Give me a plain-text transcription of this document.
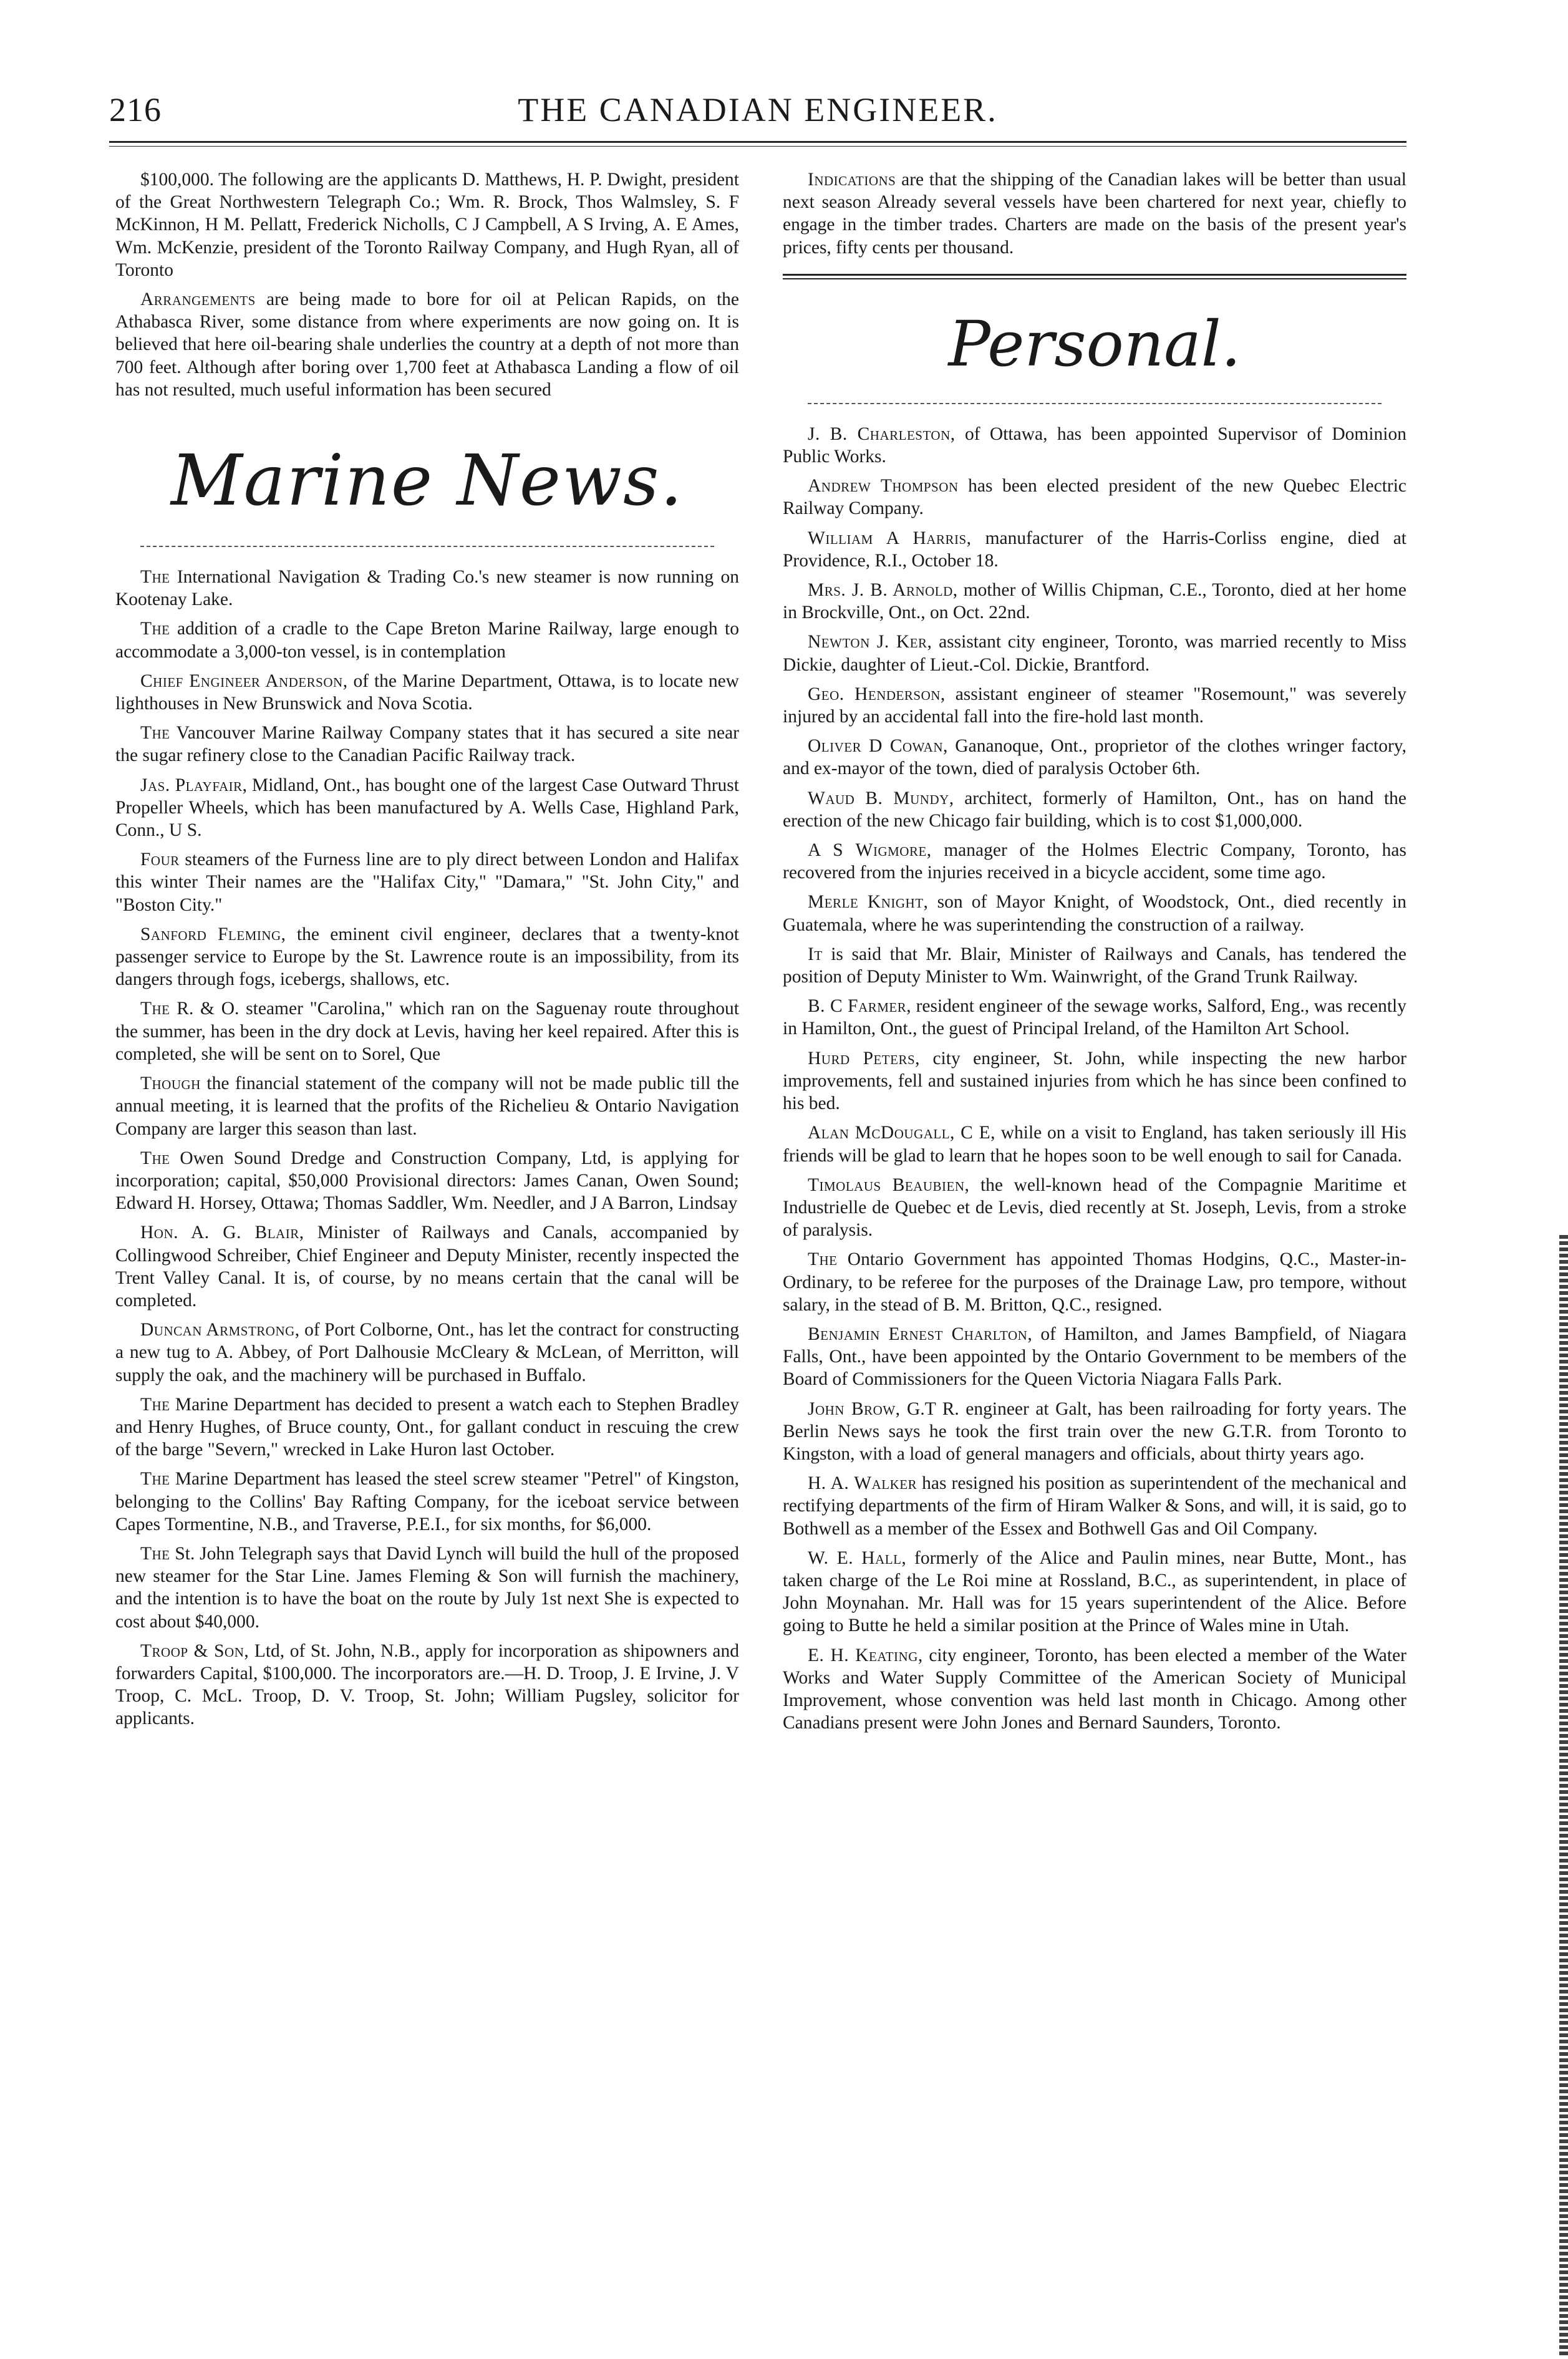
216	THE CANADIAN ENGINEER.

$100,000. The following are the applicants D. Matthews, H. P. Dwight, president of the Great Northwestern Telegraph Co.; Wm. R. Brock, Thos Walmsley, S. F McKinnon, H M. Pellatt, Frederick Nicholls, C J Campbell, A S Irving, A. E Ames, Wm. McKenzie, president of the Toronto Railway Company, and Hugh Ryan, all of Toronto

Arrangements are being made to bore for oil at Pelican Rapids, on the Athabasca River, some distance from where experiments are now going on. It is believed that here oil-bearing shale underlies the country at a depth of not more than 700 feet. Although after boring over 1,700 feet at Athabasca Landing a flow of oil has not resulted, much useful information has been secured

Marine News.

The International Navigation & Trading Co.'s new steamer is now running on Kootenay Lake.

The addition of a cradle to the Cape Breton Marine Railway, large enough to accommodate a 3,000-ton vessel, is in contemplation

Chief Engineer Anderson, of the Marine Department, Ottawa, is to locate new lighthouses in New Brunswick and Nova Scotia.

The Vancouver Marine Railway Company states that it has secured a site near the sugar refinery close to the Canadian Pacific Railway track.

Jas. Playfair, Midland, Ont., has bought one of the largest Case Outward Thrust Propeller Wheels, which has been manufactured by A. Wells Case, Highland Park, Conn., U S.

Four steamers of the Furness line are to ply direct between London and Halifax this winter Their names are the "Halifax City," "Damara," "St. John City," and "Boston City."

Sanford Fleming, the eminent civil engineer, declares that a twenty-knot passenger service to Europe by the St. Lawrence route is an impossibility, from its dangers through fogs, icebergs, shallows, etc.

The R. & O. steamer "Carolina," which ran on the Saguenay route throughout the summer, has been in the dry dock at Levis, having her keel repaired. After this is completed, she will be sent on to Sorel, Que

Though the financial statement of the company will not be made public till the annual meeting, it is learned that the profits of the Richelieu & Ontario Navigation Company are larger this season than last.

The Owen Sound Dredge and Construction Company, Ltd, is applying for incorporation; capital, $50,000 Provisional directors: James Canan, Owen Sound; Edward H. Horsey, Ottawa; Thomas Saddler, Wm. Needler, and J A Barron, Lindsay

Hon. A. G. Blair, Minister of Railways and Canals, accompanied by Collingwood Schreiber, Chief Engineer and Deputy Minister, recently inspected the Trent Valley Canal. It is, of course, by no means certain that the canal will be completed.

Duncan Armstrong, of Port Colborne, Ont., has let the contract for constructing a new tug to A. Abbey, of Port Dalhousie McCleary & McLean, of Merritton, will supply the oak, and the machinery will be purchased in Buffalo.

The Marine Department has decided to present a watch each to Stephen Bradley and Henry Hughes, of Bruce county, Ont., for gallant conduct in rescuing the crew of the barge "Severn," wrecked in Lake Huron last October.

The Marine Department has leased the steel screw steamer "Petrel" of Kingston, belonging to the Collins' Bay Rafting Company, for the iceboat service between Capes Tormentine, N.B., and Traverse, P.E.I., for six months, for $6,000.

The St. John Telegraph says that David Lynch will build the hull of the proposed new steamer for the Star Line. James Fleming & Son will furnish the machinery, and the intention is to have the boat on the route by July 1st next She is expected to cost about $40,000.

Troop & Son, Ltd, of St. John, N.B., apply for incorporation as shipowners and forwarders Capital, $100,000. The incorporators are.—H. D. Troop, J. E Irvine, J. V Troop, C. McL. Troop, D. V. Troop, St. John; William Pugsley, solicitor for applicants.

Indications are that the shipping of the Canadian lakes will be better than usual next season Already several vessels have been chartered for next year, chiefly to engage in the timber trades. Charters are made on the basis of the present year's prices, fifty cents per thousand.

Personal.

J. B. Charleston, of Ottawa, has been appointed Supervisor of Dominion Public Works.

Andrew Thompson has been elected president of the new Quebec Electric Railway Company.

William A Harris, manufacturer of the Harris-Corliss engine, died at Providence, R.I., October 18.

Mrs. J. B. Arnold, mother of Willis Chipman, C.E., Toronto, died at her home in Brockville, Ont., on Oct. 22nd.

Newton J. Ker, assistant city engineer, Toronto, was married recently to Miss Dickie, daughter of Lieut.-Col. Dickie, Brantford.

Geo. Henderson, assistant engineer of steamer "Rosemount," was severely injured by an accidental fall into the fire-hold last month.

Oliver D Cowan, Gananoque, Ont., proprietor of the clothes wringer factory, and ex-mayor of the town, died of paralysis October 6th.

Waud B. Mundy, architect, formerly of Hamilton, Ont., has on hand the erection of the new Chicago fair building, which is to cost $1,000,000.

A S Wigmore, manager of the Holmes Electric Company, Toronto, has recovered from the injuries received in a bicycle accident, some time ago.

Merle Knight, son of Mayor Knight, of Woodstock, Ont., died recently in Guatemala, where he was superintending the construction of a railway.

It is said that Mr. Blair, Minister of Railways and Canals, has tendered the position of Deputy Minister to Wm. Wainwright, of the Grand Trunk Railway.

B. C Farmer, resident engineer of the sewage works, Salford, Eng., was recently in Hamilton, Ont., the guest of Principal Ireland, of the Hamilton Art School.

Hurd Peters, city engineer, St. John, while inspecting the new harbor improvements, fell and sustained injuries from which he has since been confined to his bed.

Alan McDougall, C E, while on a visit to England, has taken seriously ill His friends will be glad to learn that he hopes soon to be well enough to sail for Canada.

Timolaus Beaubien, the well-known head of the Compagnie Maritime et Industrielle de Quebec et de Levis, died recently at St. Joseph, Levis, from a stroke of paralysis.

The Ontario Government has appointed Thomas Hodgins, Q.C., Master-in-Ordinary, to be referee for the purposes of the Drainage Law, pro tempore, without salary, in the stead of B. M. Britton, Q.C., resigned.

Benjamin Ernest Charlton, of Hamilton, and James Bampfield, of Niagara Falls, Ont., have been appointed by the Ontario Government to be members of the Board of Commissioners for the Queen Victoria Niagara Falls Park.

John Brow, G.T R. engineer at Galt, has been railroading for forty years. The Berlin News says he took the first train over the new G.T.R. from Toronto to Kingston, with a load of general managers and officials, about thirty years ago.

H. A. Walker has resigned his position as superintendent of the mechanical and rectifying departments of the firm of Hiram Walker & Sons, and will, it is said, go to Bothwell as a member of the Essex and Bothwell Gas and Oil Company.

W. E. Hall, formerly of the Alice and Paulin mines, near Butte, Mont., has taken charge of the Le Roi mine at Rossland, B.C., as superintendent, in place of John Moynahan. Mr. Hall was for 15 years superintendent of the Alice. Before going to Butte he held a similar position at the Prince of Wales mine in Utah.

E. H. Keating, city engineer, Toronto, has been elected a member of the Water Works and Water Supply Committee of the American Society of Municipal Improvement, whose convention was held last month in Chicago. Among other Canadians present were John Jones and Bernard Saunders, Toronto.
